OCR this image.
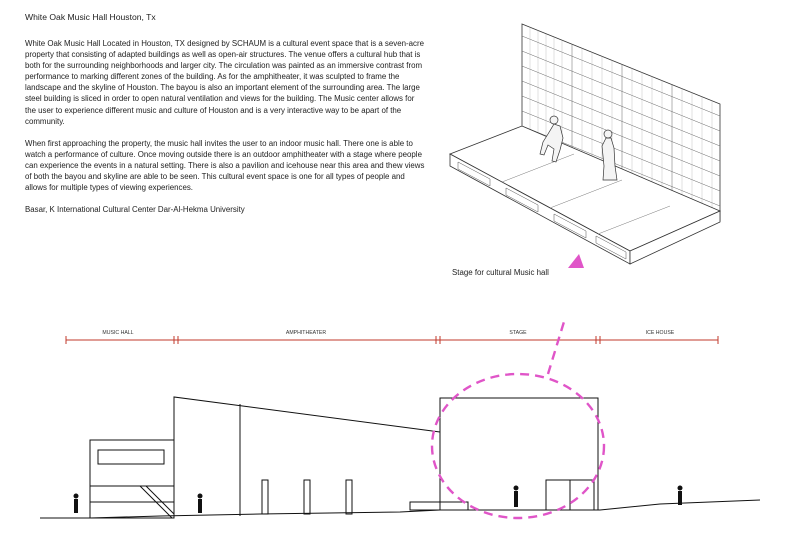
White Oak Music Hall Houston, Tx

White Oak Music Hall Located in Houston, TX designed by SCHAUM is a cultural event space that is a seven-acre property that consisting of adapted buildings as well as open-air structures. The venue offers a cultural hub that is both for the surrounding neighborhoods and larger city. The circulation was painted as an immersive contrast from performance to marking different zones of the building. As for the amphitheater, it was sculpted to frame the landscape and the skyline of Houston. The bayou is also an important element of the surrounding area. The large steel building is sliced in order to open natural ventilation and views for the building. The Music center allows for the user to experience different music and culture of Houston and is a very interactive way to be apart of the community.

When first approaching the property, the music hall invites the user to an indoor music hall. There one is able to watch a performance of culture. Once moving outside there is an outdoor amphitheater with a stage where people can experience the events in a natural setting. There is also a pavilion and icehouse near this area and thew views of both the bayou and skyline are able to be seen. This cultural event space is one for all types of people and allows for multiple types of viewing experiences.

Basar, K International Cultural Center Dar-Al-Hekma University

Stage for cultural Music hall
MUSIC HALL	AMPHITHEATER	STAGE	ICE HOUSE
